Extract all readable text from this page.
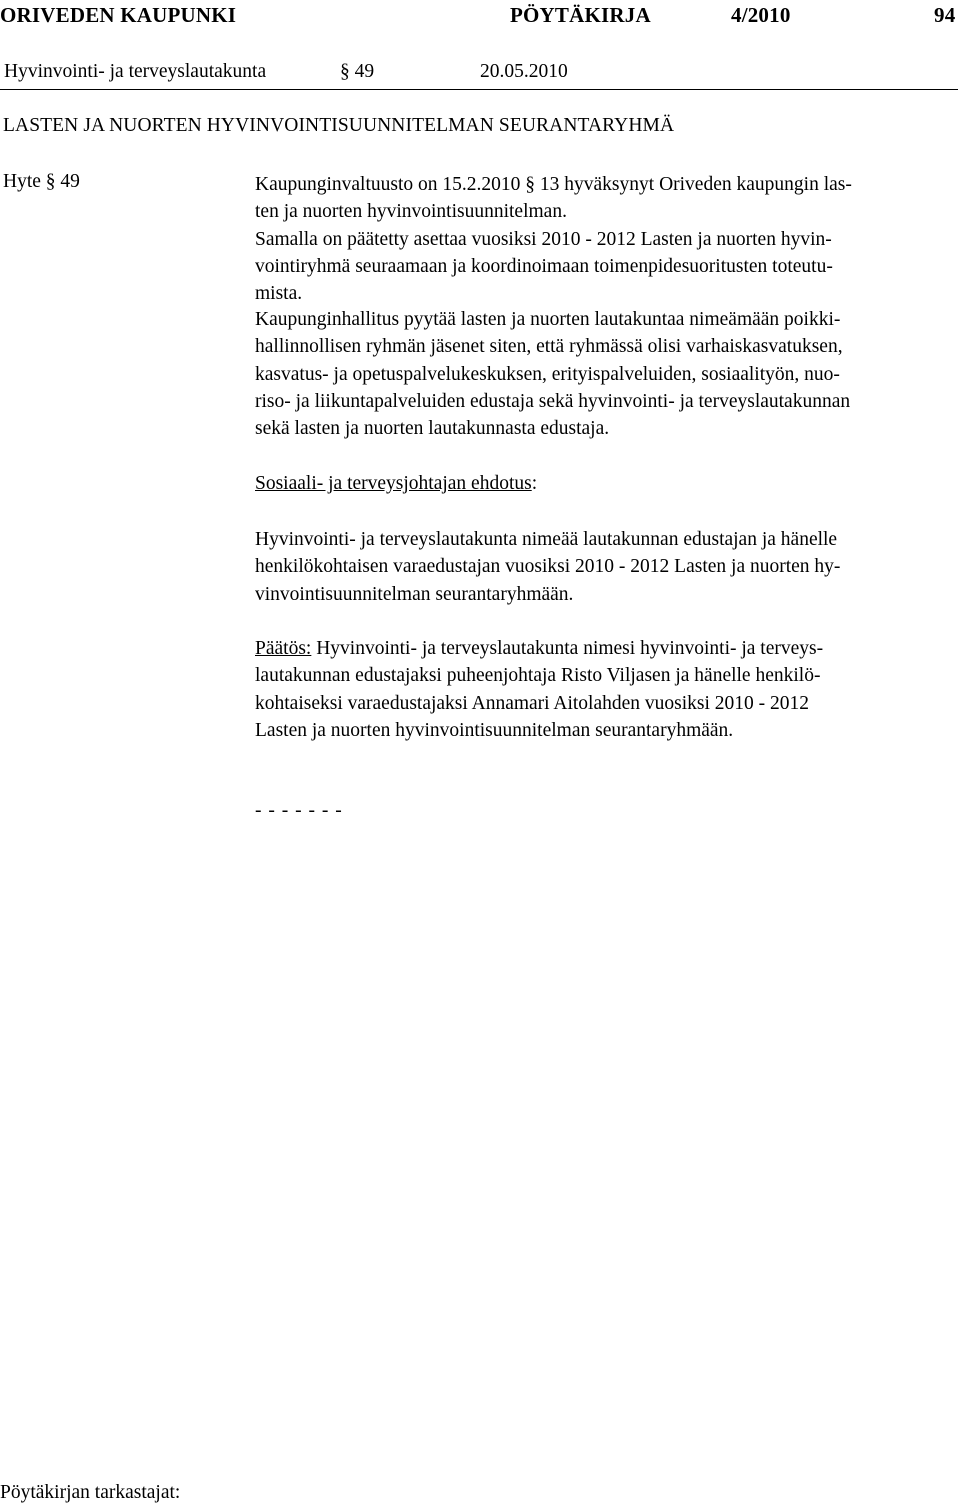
ORIVEDEN KAUPUNKI	PÖYTÄKIRJA	4/2010	94
Hyvinvointi- ja terveyslautakunta	§ 49	20.05.2010
LASTEN JA NUORTEN HYVINVOINTISUUNNITELMAN SEURANTARYHMÄ
Hyte § 49	Kaupunginvaltuusto on 15.2.2010 § 13 hyväksynyt Oriveden kaupungin las-
ten ja nuorten hyvinvointisuunnitelman.
Samalla on päätetty asettaa vuosiksi 2010 - 2012 Lasten ja nuorten hyvin-
vointiryhmä seuraamaan ja koordinoimaan toimenpidesuoritusten toteutu-
mista.
Kaupunginhallitus pyytää lasten ja nuorten lautakuntaa nimeämään poikki-
hallinnollisen ryhmän jäsenet siten, että ryhmässä olisi varhaiskasvatuksen,
kasvatus- ja opetuspalvelukeskuksen, erityispalveluiden, sosiaalityön, nuo-
riso- ja liikuntapalveluiden edustaja sekä hyvinvointi- ja terveyslautakunnan
sekä lasten ja nuorten lautakunnasta edustaja.
Sosiaali- ja terveysjohtajan ehdotus:
Hyvinvointi- ja terveyslautakunta nimeää lautakunnan edustajan ja hänelle
henkilökohtaisen varaedustajan vuosiksi 2010 - 2012 Lasten ja nuorten hy-
vinvointisuunnitelman seurantaryhmään.
Päätös: Hyvinvointi- ja terveyslautakunta nimesi hyvinvointi- ja terveys-
lautakunnan edustajaksi puheenjohtaja Risto Viljasen ja hänelle henkilö-
kohtaiseksi varaedustajaksi Annamari Aitolahden vuosiksi 2010 - 2012
Lasten ja nuorten hyvinvointisuunnitelman seurantaryhmään.
- - - - - - -
Pöytäkirjan tarkastajat:
